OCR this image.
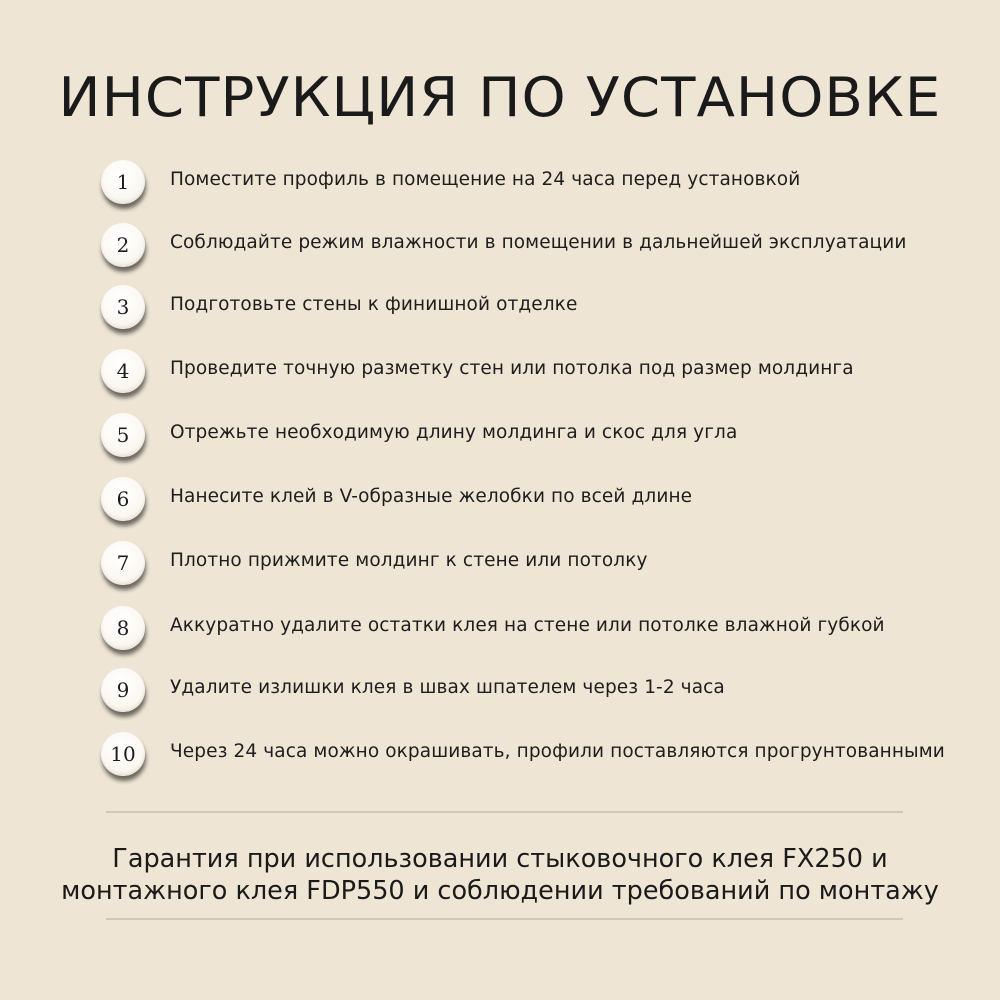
ИНСТРУКЦИЯ ПО УСТАНОВКЕ
1	Поместите профиль в помещение на 24 часа перед установкой
2	Соблюдайте режим влажности в помещении в дальнейшей эксплуатации
3	Подготовьте стены к финишной отделке
4	Проведите точную разметку стен или потолка под размер молдинга
5	Отрежьте необходимую длину молдинга и скос для угла
6	Нанесите клей в V-образные желобки по всей длине
7	Плотно прижмите молдинг к стене или потолку
8	Аккуратно удалите остатки клея на стене или потолке влажной губкой
9	Удалите излишки клея в швах шпателем через 1-2 часа
10	Через 24 часа можно окрашивать, профили поставляются прогрунтованными

Гарантия при использовании стыковочного клея FX250 и
монтажного клея FDP550 и соблюдении требований по монтажу
